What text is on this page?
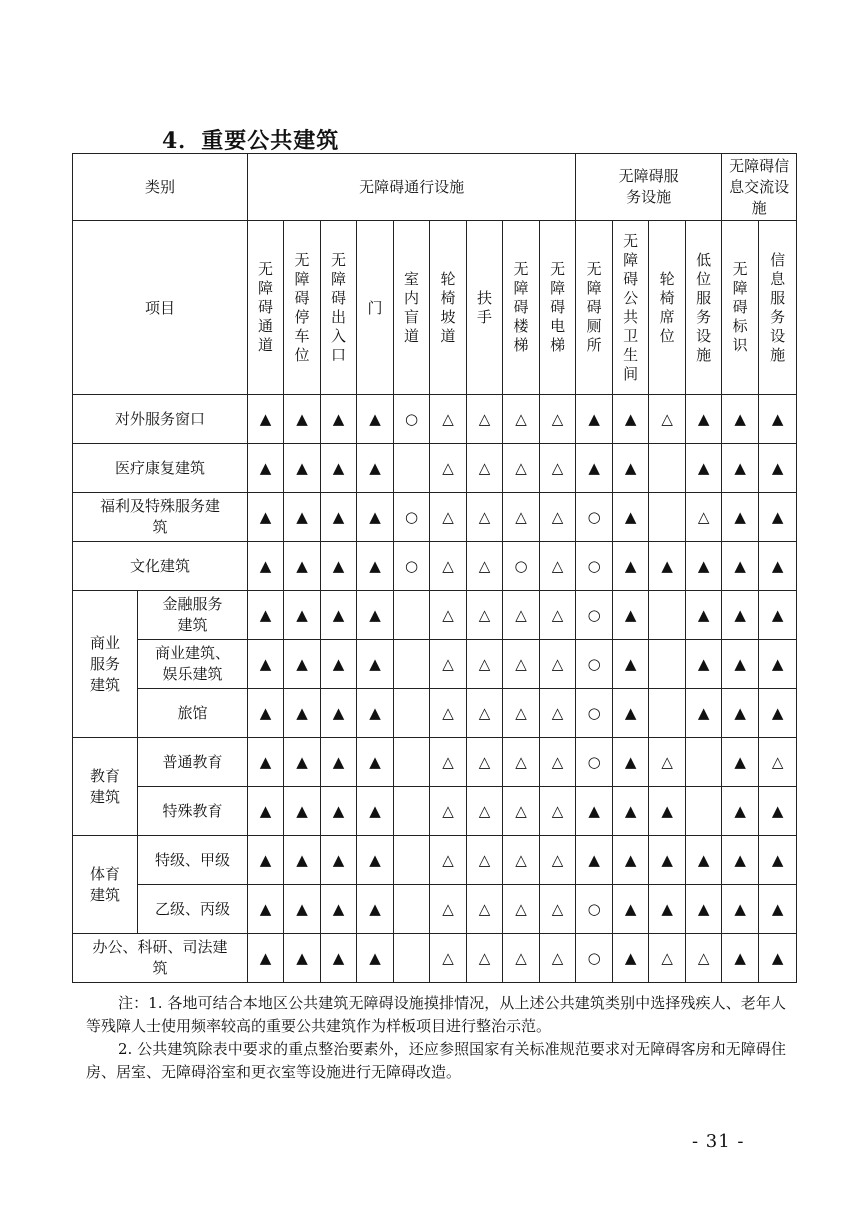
4．重要公共建筑
类别		无障碍通行设施									无障碍服务设施				无障碍信息交流设施	
项目		无障碍通道	无障碍停车位	无障碍出入口	门	室内盲道	轮椅坡道	扶手	无障碍楼梯	无障碍电梯	无障碍厕所	无障碍公共卫生间	轮椅席位	低位服务设施	无障碍标识	信息服务设施
对外服务窗口		▲	▲	▲	▲	○	△	△	△	△	▲	▲	△	▲	▲	▲
医疗康复建筑		▲	▲	▲	▲		△	△	△	△	▲	▲		▲	▲	▲
福利及特殊服务建筑		▲	▲	▲	▲	○	△	△	△	△	○	▲		△	▲	▲
文化建筑		▲	▲	▲	▲	○	△	△	○	△	○	▲	▲	▲	▲	▲
商业服务建筑	金融服务建筑	▲	▲	▲	▲		△	△	△	△	○	▲		▲	▲	▲
	商业建筑、娱乐建筑	▲	▲	▲	▲		△	△	△	△	○	▲		▲	▲	▲
	旅馆	▲	▲	▲	▲		△	△	△	△	○	▲		▲	▲	▲
教育建筑	普通教育	▲	▲	▲	▲		△	△	△	△	○	▲	△		▲	△
	特殊教育	▲	▲	▲	▲		△	△	△	△	▲	▲	▲		▲	▲
体育建筑	特级、甲级	▲	▲	▲	▲		△	△	△	△	▲	▲	▲	▲	▲	▲
	乙级、丙级	▲	▲	▲	▲		△	△	△	△	○	▲	▲	▲	▲	▲
办公、科研、司法建筑		▲	▲	▲	▲		△	△	△	△	○	▲	△	△	▲	▲

注：1. 各地可结合本地区公共建筑无障碍设施摸排情况，从上述公共建筑类别中选择残疾人、老年人等残障人士使用频率较高的重要公共建筑作为样板项目进行整治示范。

2. 公共建筑除表中要求的重点整治要素外，还应参照国家有关标准规范要求对无障碍客房和无障碍住房、居室、无障碍浴室和更衣室等设施进行无障碍改造。

- 31 -
